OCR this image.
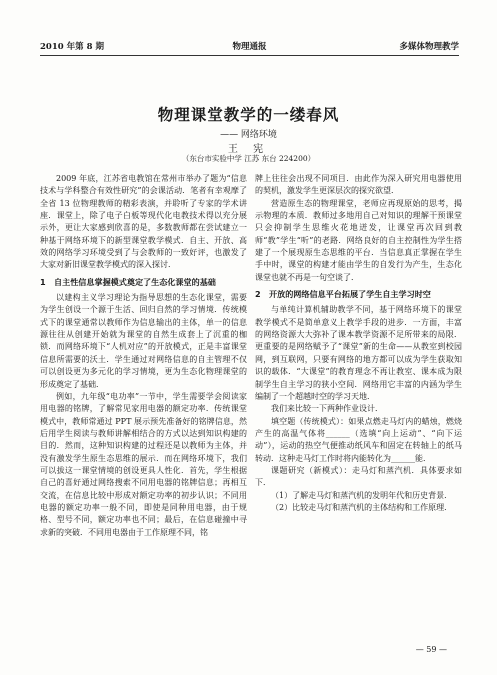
2010 年第 8 期	物理通报	多媒体物理教学
物理课堂教学的一缕春风
—— 网络环境
王 宪
（东台市实验中学 江苏 东台 224200）

2009 年底，江苏省电教馆在常州市举办了题为“信息技术与学科整合有效性研究”的会课活动．笔者有幸观摩了全省 13 位物理教师的精彩表演，并聆听了专家的学术讲座．课堂上，除了电子白板等现代化电教技术得以充分展示外，更让大家感到欣喜的是，多数教师都在尝试建立一种基于网络环境下的新型课堂教学模式．自主、开放、高效的网络学习环境受到了与会教师的一致好评，也激发了大家对新旧课堂教学模式的深入探讨．

1 自主性信息掌握模式奠定了生态化课堂的基础

以建构主义学习理论为指导思想的生态化课堂，需要为学生创设一个源于生活、回归自然的学习情境．传统模式下的课堂通常以教师作为信息输出的主体，单一的信息源往往从创建开始就为课堂的自然生成套上了沉重的枷锁．而网络环境下“人机对应”的开放模式，正是丰富课堂信息所需要的沃土．学生通过对网络信息的自主管理不仅可以创设更为多元化的学习情境，更为生态化物理课堂的形成奠定了基础．

例如，九年级“电功率”一节中，学生需要学会阅读家用电器的铭牌，了解常见家用电器的额定功率．传统课堂模式中，教师常通过 PPT 展示预先准备好的铭牌信息，然后用学生阅读与教师讲解相结合的方式以达到知识构建的目的．然而，这种知识构建的过程还是以教师为主体，并没有激发学生原生态思维的展示．而在网络环境下，我们可以拔这一课堂情境的创设更具人性化．首先，学生根据自己的喜好通过网络搜索不同用电器的铭牌信息；再相互交流，在信息比较中形成对额定功率的初步认识；不同用电器的额定功率一般不同，即使是同种用电器，由于规格、型号不同，额定功率也不同；最后，在信息碰撞中寻求新的突破．不同用电器由于工作原理不同，铭

牌上往往会出现不同项目．由此作为深入研究用电器使用的契机，激发学生更深层次的探究欲望．

营造原生态的物理课堂，老师应再现原始的思考，揭示物理的本质．教师过多地用自己对知识的理解干预课堂只会抑制学生思维火花地迸发，让课堂再次回到教师“教”学生“听”的老路．网络良好的自主控制性为学生搭建了一个展现原生态思维的平台．当信息真正掌握在学生手中时，课堂的构建才能由学生的自发行为产生，生态化课堂也就不再是一句空谈了．

2 开放的网络信息平台拓展了学生自主学习时空

与单纯计算机辅助教学不同，基于网络环境下的课堂教学模式不是简单意义上教学手段的进步．一方面，丰富的网络资源大大弥补了课本教学资源不足所带来的局限．更重要的是网络赋予了“课堂”新的生命——从教室到校园网，到互联网，只要有网络的地方都可以成为学生获取知识的载体．“大课堂”的教育理念不再让教室、课本成为限制学生自主学习的狭小空间．网络用它丰富的内涵为学生编制了一个超越时空的学习天地．

我们来比较一下两种作业设计．

填空题（传统模式）：如果点燃走马灯内的蜡烛，燃烧产生的高温气体将______（选填“向上运动”、“向下运动”），运动的热空气便推动纸风车和固定在转轴上的纸马转动．这种走马灯工作时将内能转化为______能．

课题研究（新模式）：走马灯和蒸汽机．具体要求如下．

（1）了解走马灯和蒸汽机的发明年代和历史背景．

（2）比较走马灯和蒸汽机的主体结构和工作原理．

— 59 —
